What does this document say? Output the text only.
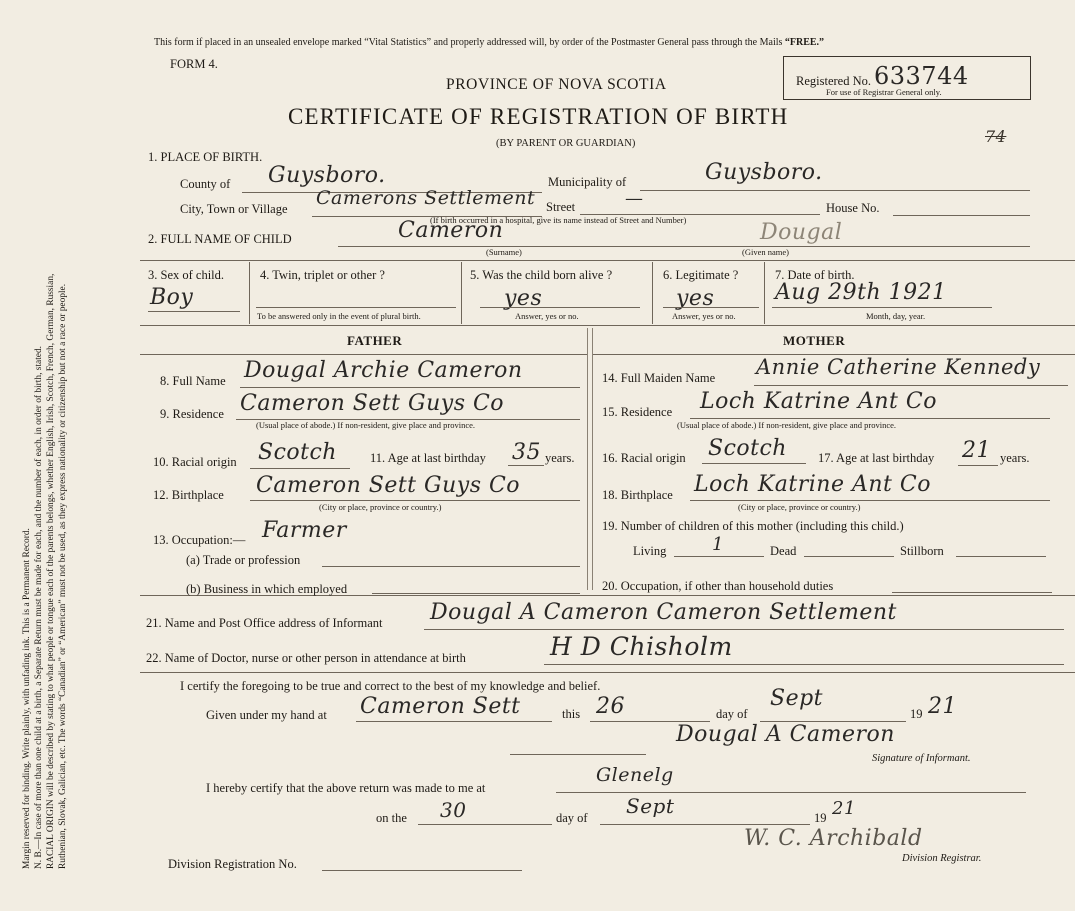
Margin reserved for binding. Write plainly, with unfading ink. This is a Permanent Record. N. B.—In case of more than one child at a birth, a Separate Return must be made for each, and the number of each, in order of birth, stated. RACIAL ORIGIN will be described by stating to what people or tongue each of the parents belongs, whether English, Irish, Scotch, French, German, Russian, Ruthenian, Slovak, Galician, etc. The words “Canadian” or “American” must not be used, as they express nationality or citizenship but not a race or people.
This form if placed in an unsealed envelope marked “Vital Statistics” and properly addressed will, by order of the Postmaster General pass through the Mails “FREE.”
FORM 4.
PROVINCE OF NOVA SCOTIA
CERTIFICATE OF REGISTRATION OF BIRTH
(BY PARENT OR GUARDIAN)	74
Registered No. 633744
For use of Registrar General only.
1. PLACE OF BIRTH.
County of Guysboro.	Municipality of	Guysboro.
City, Town or Village Camerons Settlement Street	—	House No.
(If birth occurred in a hospital, give its name instead of Street and Number)
2. FULL NAME OF CHILD	Cameron	Dougal
(Surname)	(Given name)
3. Sex of child.
Boy
4. Twin, triplet or other ?
To be answered only in the event of plural birth.
5. Was the child born alive ?
yes
Answer, yes or no.
6. Legitimate ?
yes
Answer, yes or no.
7. Date of birth.
Aug 29th 1921
Month, day, year.
FATHER	MOTHER
8. Full Name Dougal Archie Cameron
9. Residence Cameron Sett Guys Co
(Usual place of abode.) If non-resident, give place and province.
10. Racial origin Scotch	11. Age at last birthday 35 years.
12. Birthplace Cameron Sett Guys Co
(City or place, province or country.)
13. Occupation:— Farmer
(a) Trade or profession
(b) Business in which employed
14. Full Maiden Name Annie Catherine Kennedy
15. Residence Loch Katrine Ant Co
(Usual place of abode.) If non-resident, give place and province.
16. Racial origin Scotch 17. Age at last birthday 21 years.
18. Birthplace Loch Katrine Ant Co
(City or place, province or country.)
19. Number of children of this mother (including this child.)
Living	1	Dead	Stillborn
20. Occupation, if other than household duties
21. Name and Post Office address of Informant Dougal A Cameron Cameron Settlement
22. Name of Doctor, nurse or other person in attendance at birth	H D Chisholm
I certify the foregoing to be true and correct to the best of my knowledge and belief.
Given under my hand at Cameron Sett	this 26	day of
Sept
19 21
Dougal A Cameron
Signature of Informant.
I hereby certify that the above return was made to me at
Glenelg
on the 30	day of Sept	19 21
W. C. Archibald
Division Registrar.
Division Registration No.
